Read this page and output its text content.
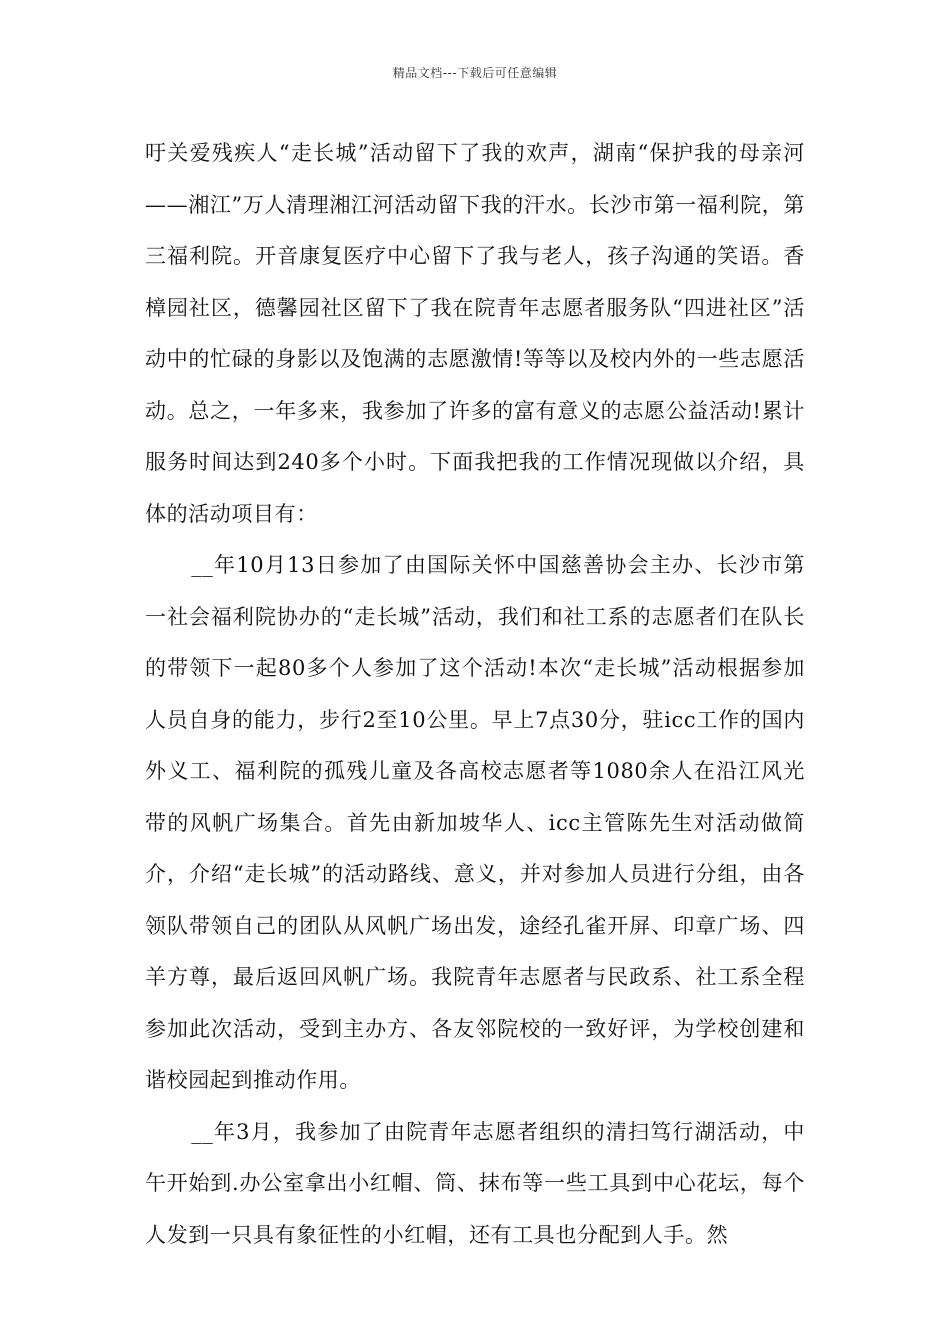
精品文档---下载后可任意编辑

吁关爱残疾人“走长城”活动留下了我的欢声，湖南“保护我的母亲河——湘江”万人清理湘江河活动留下我的汗水。长沙市第一福利院，第三福利院。开音康复医疗中心留下了我与老人，孩子沟通的笑语。香樟园社区，德馨园社区留下了我在院青年志愿者服务队“四进社区”活动中的忙碌的身影以及饱满的志愿激情!等等以及校内外的一些志愿活动。总之，一年多来，我参加了许多的富有意义的志愿公益活动!累计服务时间达到240多个小时。下面我把我的工作情况现做以介绍，具体的活动项目有：

__年10月13日参加了由国际关怀中国慈善协会主办、长沙市第一社会福利院协办的“走长城”活动，我们和社工系的志愿者们在队长的带领下一起80多个人参加了这个活动!本次“走长城”活动根据参加人员自身的能力，步行2至10公里。早上7点30分，驻icc工作的国内外义工、福利院的孤残儿童及各高校志愿者等1080余人在沿江风光带的风帆广场集合。首先由新加坡华人、icc主管陈先生对活动做简介，介绍“走长城”的活动路线、意义，并对参加人员进行分组，由各领队带领自己的团队从风帆广场出发，途经孔雀开屏、印章广场、四羊方尊，最后返回风帆广场。我院青年志愿者与民政系、社工系全程参加此次活动，受到主办方、各友邻院校的一致好评，为学校创建和谐校园起到推动作用。

__年3月，我参加了由院青年志愿者组织的清扫笃行湖活动，中午开始到.办公室拿出小红帽、筒、抹布等一些工具到中心花坛，每个人发到一只具有象征性的小红帽，还有工具也分配到人手。然
